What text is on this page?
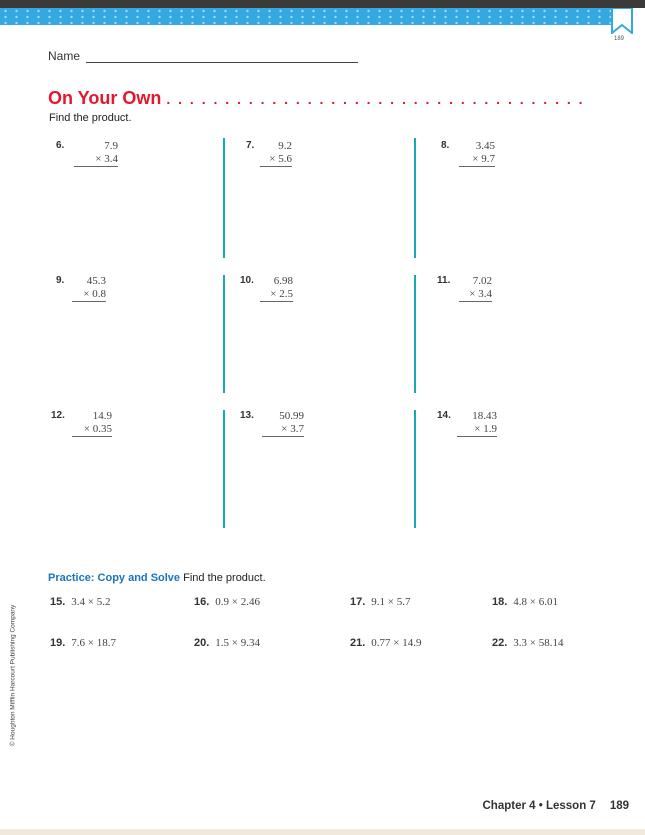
189
Name
On Your Own . . . . . . . . . . . . . . . . . . . . . . . . . . . . . . . . . . . .
Find the product.
6.	7.9
× 3.4
7.	9.2
× 5.6
8.	3.45
× 9.7
9.	45.3
× 0.8
10.	6.98
× 2.5
11.	7.02
× 3.4
12.	14.9
× 0.35
13.	50.99
× 3.7
14.	18.43
× 1.9
Practice: Copy and Solve Find the product.
15. 3.4 × 5.2	16. 0.9 × 2.46	17. 9.1 × 5.7	18. 4.8 × 6.01
19. 7.6 × 18.7	20. 1.5 × 9.34	21. 0.77 × 14.9	22. 3.3 × 58.14
© Houghton Mifflin Harcourt Publishing Company
Chapter 4 • Lesson 7 189
